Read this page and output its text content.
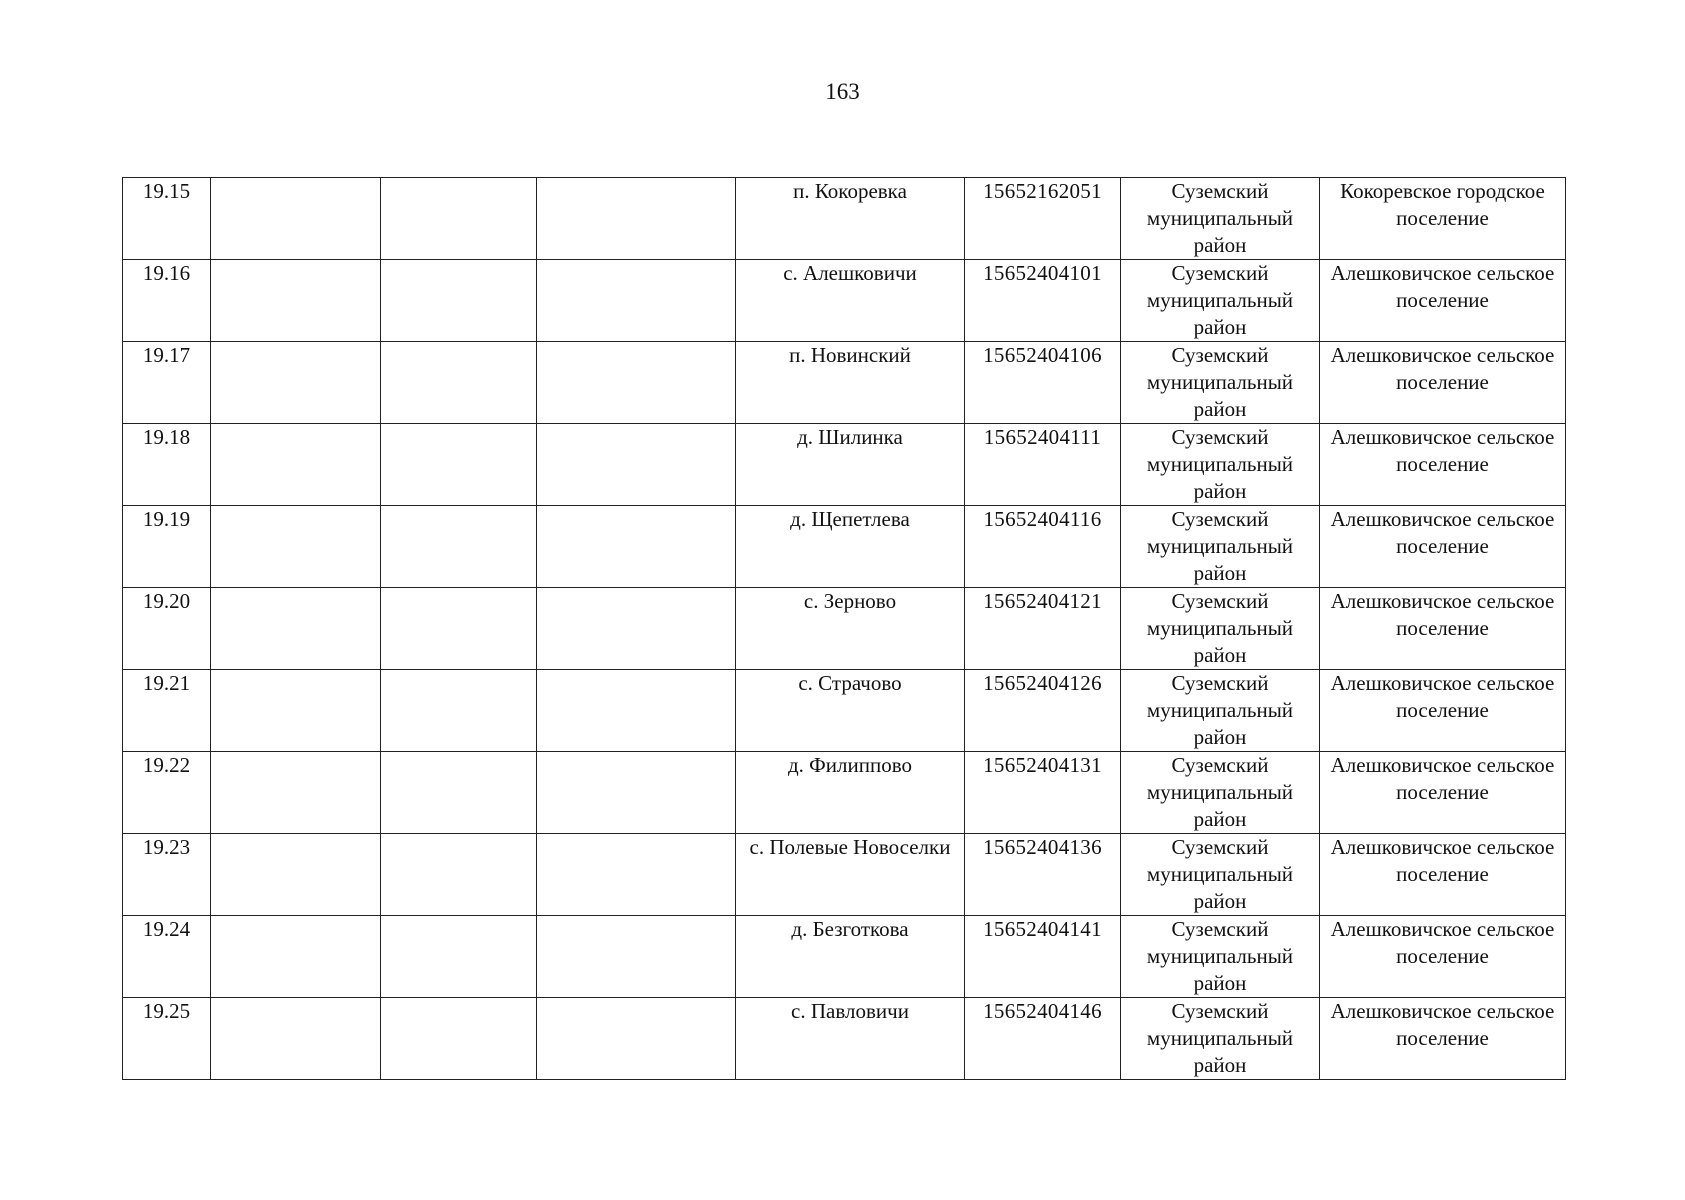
163
19.15				п. Кокоревка	15652162051	Суземский муниципальный район	Кокоревское городское поселение

19.16				с. Алешковичи	15652404101	Суземский муниципальный район	Алешковичское сельское поселение

19.17				п. Новинский	15652404106	Суземский муниципальный район	Алешковичское сельское поселение

19.18				д. Шилинка	15652404111	Суземский муниципальный район	Алешковичское сельское поселение

19.19				д. Щепетлева	15652404116	Суземский муниципальный район	Алешковичское сельское поселение

19.20				с. Зерново	15652404121	Суземский муниципальный район	Алешковичское сельское поселение

19.21				с. Страчово	15652404126	Суземский муниципальный район	Алешковичское сельское поселение

19.22				д. Филиппово	15652404131	Суземский муниципальный район	Алешковичское сельское поселение

19.23				с. Полевые Новоселки	15652404136	Суземский муниципальный район	Алешковичское сельское поселение

19.24				д. Безготкова	15652404141	Суземский муниципальный район	Алешковичское сельское поселение

19.25				с. Павловичи	15652404146	Суземский муниципальный район	Алешковичское сельское поселение
